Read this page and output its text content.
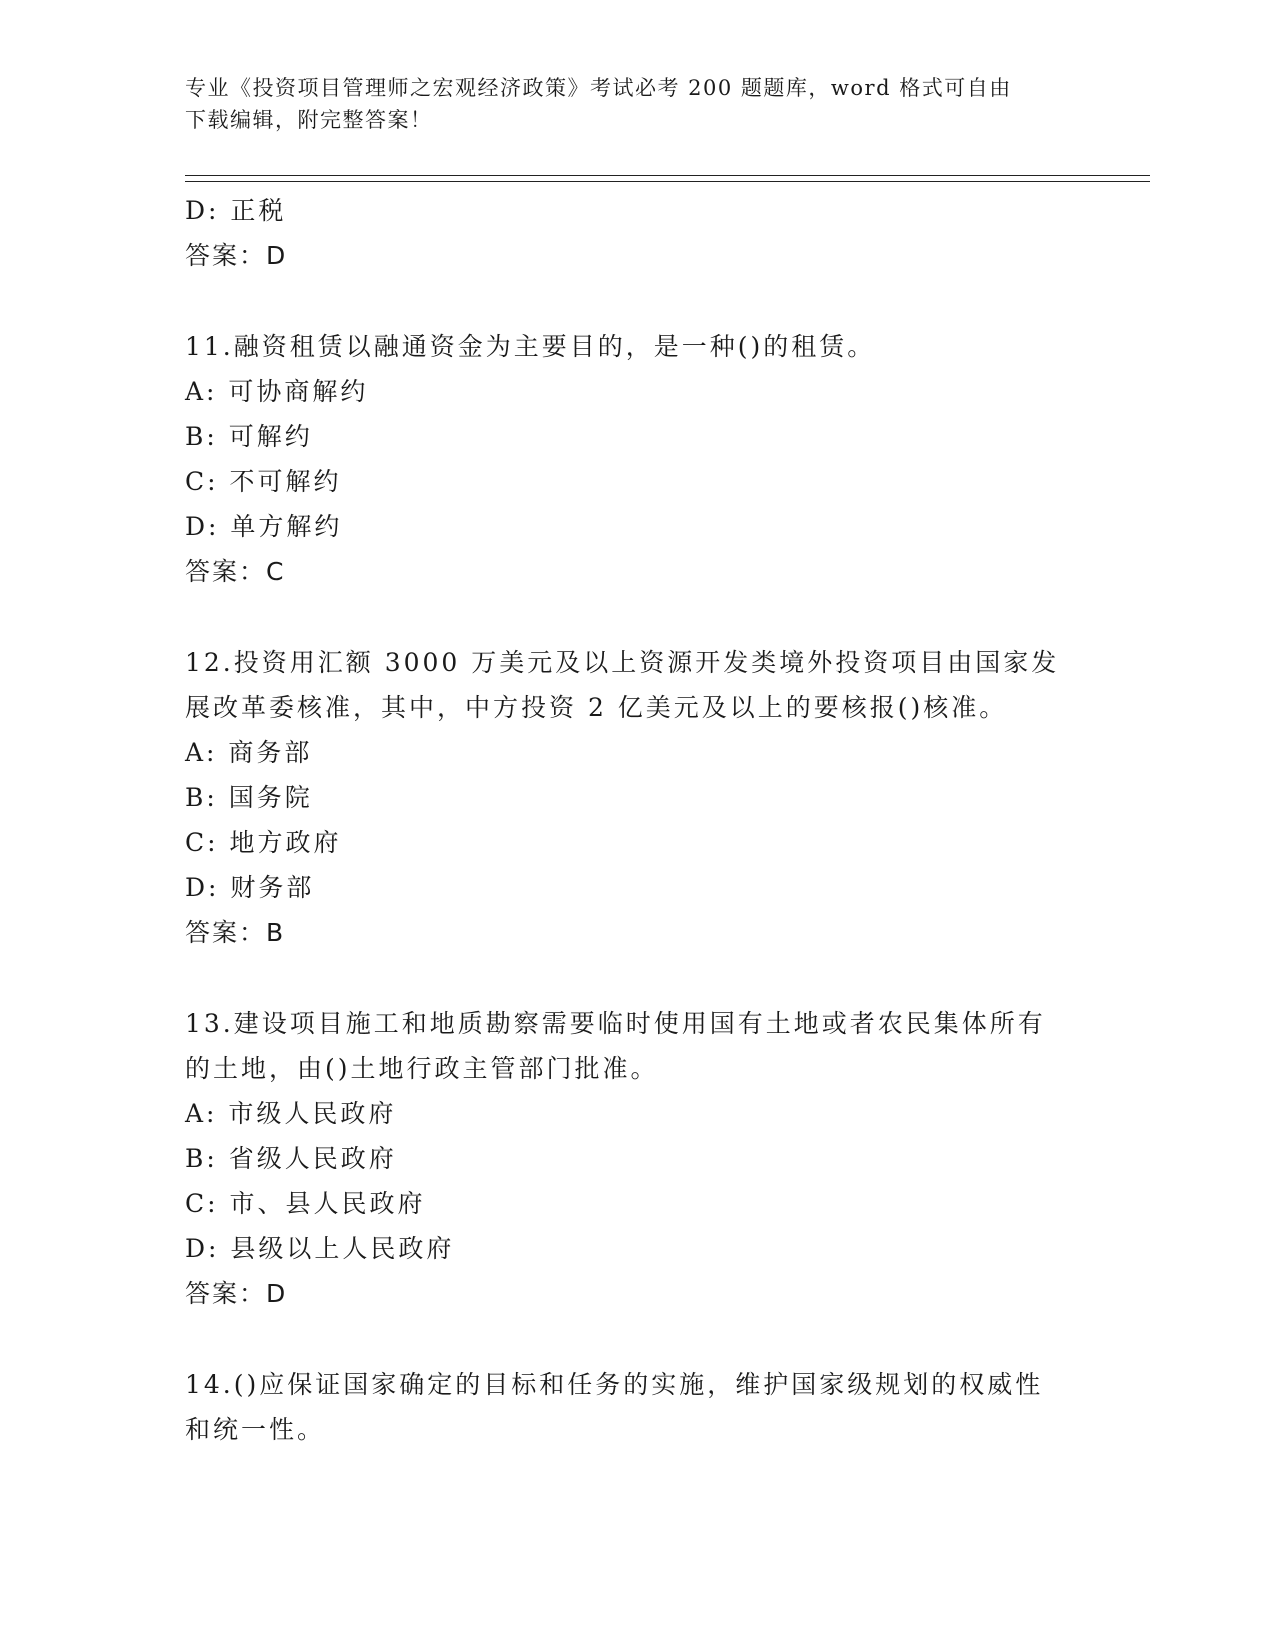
专业《投资项目管理师之宏观经济政策》考试必考 200 题题库，word 格式可自由
下载编辑，附完整答案！
D: 正税
答案：D
11.融资租赁以融通资金为主要目的，是一种()的租赁。
A: 可协商解约
B: 可解约
C: 不可解约
D: 单方解约
答案：C
12.投资用汇额 3000 万美元及以上资源开发类境外投资项目由国家发
展改革委核准，其中，中方投资 2 亿美元及以上的要核报()核准。
A: 商务部
B: 国务院
C: 地方政府
D: 财务部
答案：B
13.建设项目施工和地质勘察需要临时使用国有土地或者农民集体所有
的土地，由()土地行政主管部门批准。
A: 市级人民政府
B: 省级人民政府
C: 市、县人民政府
D: 县级以上人民政府
答案：D
14.()应保证国家确定的目标和任务的实施，维护国家级规划的权威性
和统一性。
